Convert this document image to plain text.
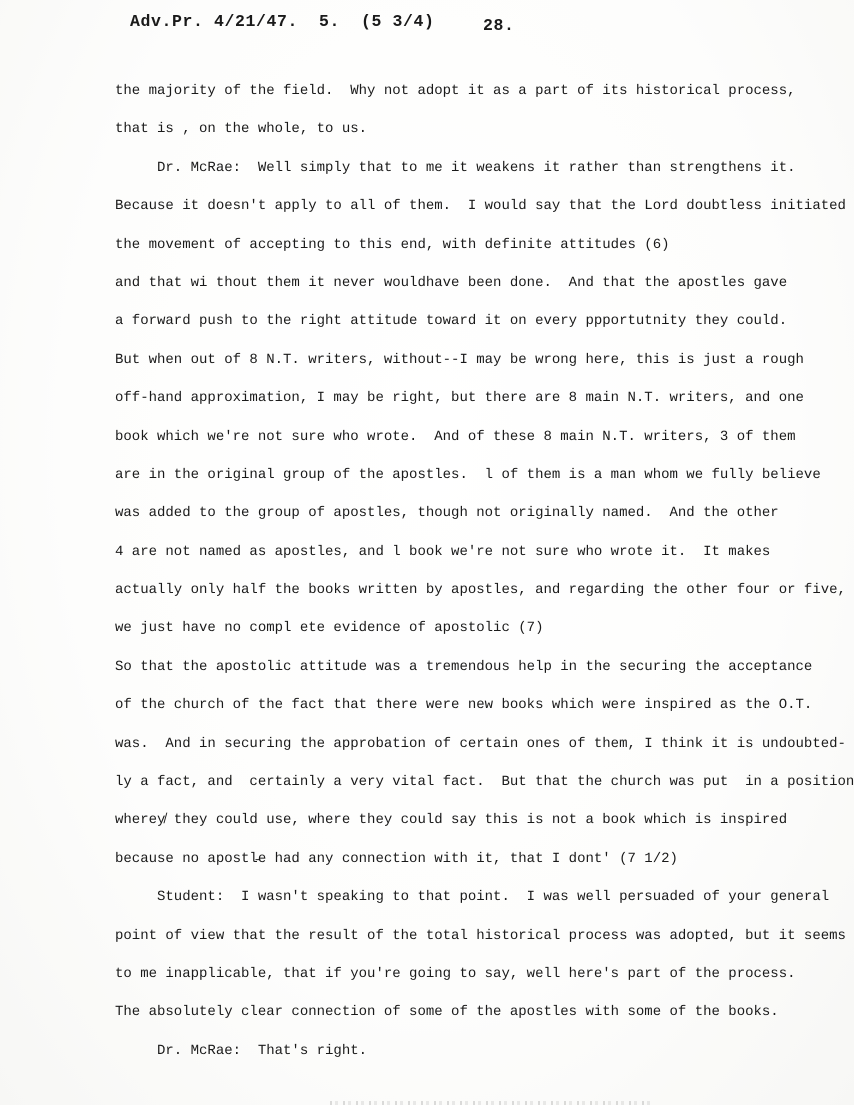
Adv.Pr. 4/21/47.  5.  (5 3/4)	28.

the majority of the field.  Why not adopt it as a part of its historical process,

that is , on the whole, to us.

Dr. McRae:  Well simply that to me it weakens it rather than strengthens it.

Because it doesn't apply to all of them.  I would say that the Lord doubtless initiated

the movement of accepting to this end, with definite attitudes (6)

and that wi thout them it never wouldhave been done.  And that the apostles gave

a forward push to the right attitude toward it on every ppportutnity they could.

But when out of 8 N.T. writers, without--I may be wrong here, this is just a rough

off-hand approximation, I may be right, but there are 8 main N.T. writers, and one

book which we're not sure who wrote.  And of these 8 main N.T. writers, 3 of them

are in the original group of the apostles.  l of them is a man whom we fully believe

was added to the group of apostles, though not originally named.  And the other

4 are not named as apostles, and l book we're not sure who wrote it.  It makes

actually only half the books written by apostles, and regarding the other four or five,

we just have no compl ete evidence of apostolic (7)

So that the apostolic attitude was a tremendous help in the securing the acceptance

of the church of the fact that there were new books which were inspired as the O.T.

was.  And in securing the approbation of certain ones of them, I think it is undoubted-

ly a fact, and  certainly a very vital fact.  But that the church was put  in a position

wherey̸ they could use, where they could say this is not a book which is inspired

because no apostl̵e had any connection with it, that I dont' (7 1/2)

Student:  I wasn't speaking to that point.  I was well persuaded of your general

point of view that the result of the total historical process was adopted, but it seems

to me inapplicable, that if you're going to say, well here's part of the process.

The absolutely clear connection of some of the apostles with some of the books.

Dr. McRae:  That's right.
